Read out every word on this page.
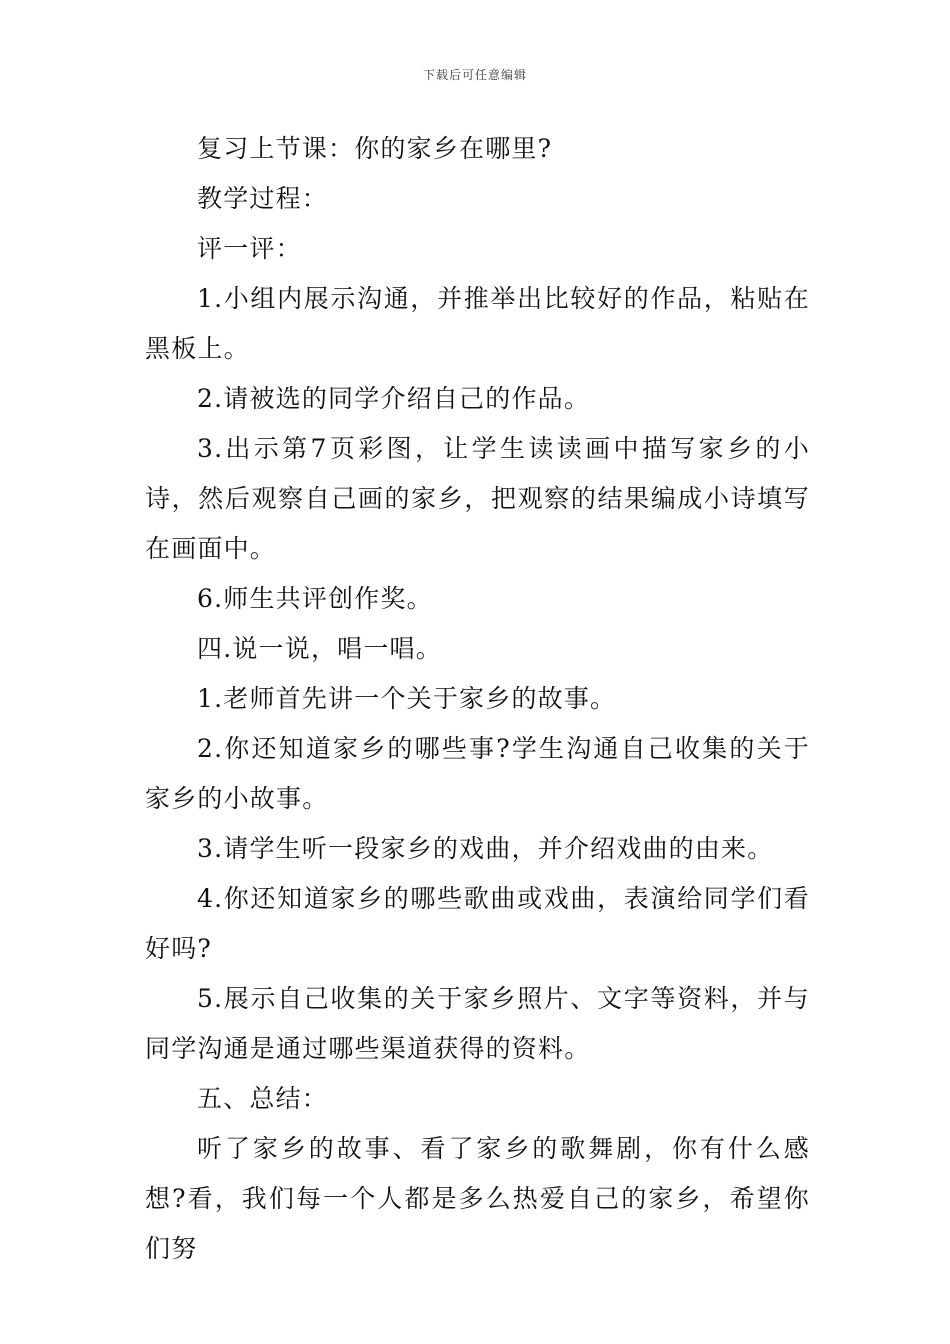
下载后可任意编辑

复习上节课：你的家乡在哪里?

教学过程：

评一评：

1.小组内展示沟通，并推举出比较好的作品，粘贴在黑板上。

2.请被选的同学介绍自己的作品。

3.出示第7页彩图，让学生读读画中描写家乡的小诗，然后观察自己画的家乡，把观察的结果编成小诗填写在画面中。

6.师生共评创作奖。

四.说一说，唱一唱。

1.老师首先讲一个关于家乡的故事。

2.你还知道家乡的哪些事?学生沟通自己收集的关于家乡的小故事。

3.请学生听一段家乡的戏曲，并介绍戏曲的由来。

4.你还知道家乡的哪些歌曲或戏曲，表演给同学们看好吗?

5.展示自己收集的关于家乡照片、文字等资料，并与同学沟通是通过哪些渠道获得的资料。

五、总结：

听了家乡的故事、看了家乡的歌舞剧，你有什么感想?看，我们每一个人都是多么热爱自己的家乡，希望你们努
